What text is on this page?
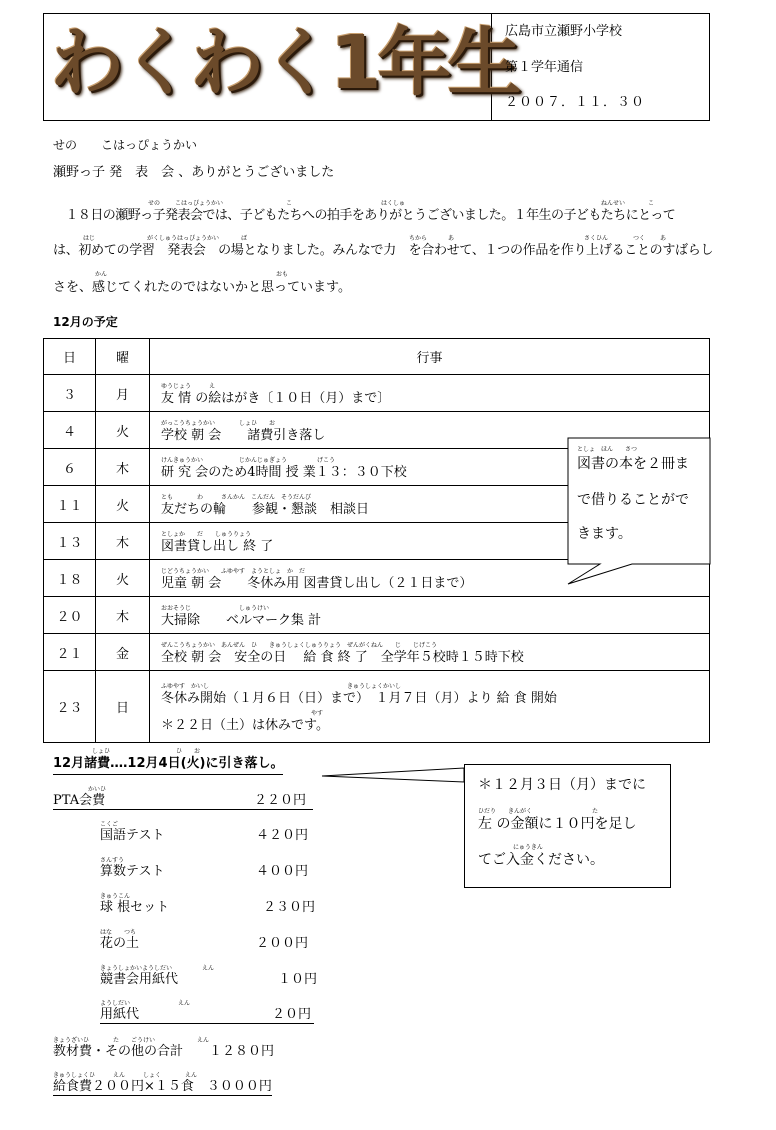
わくわく1年生
広島市立瀬野小学校
第１学年通信
２００７．１１．３０
せの　　こはっぴょうかい
瀬野っ子 発　表　会 、ありがとうございました
せの こはっぴょうかい	こ	はくしゅ	ねんせい	こ
　１８日の瀬野っ子発表会では、子どもたちへの拍手をありがとうございました。１年生の子どもたちにとって
はじ	がくしゅうはっぴょうかい	ば	ちから	あ	さくひん	つく あ
は、初めての学習　発表会　の場となりました。みんなで力　を合わせて、１つの作品を作り上げることのすばらし
かん	おも
さを、感じてくれたのではないかと思っています。
12月の予定
日	曜	行事
３	月	ゆうじょう　　　え
友 情 の絵はがき〔１０日（月）まで〕

４	火	がっこうちょうかい　　　　しょひ　　お
学校 朝 会　　諸費引き落し

６	木	けんきゅうかい　　　　　　じかんじゅぎょう　　　　　げこう
研 究 会のため4時間 授 業１３：３０下校

１１	火	とも　　　　わ　　　さんかん　こんだん　そうだんび
友だちの輪　　参観・懇談　相談日

１３	木	としょか　　だ　　しゅうりょう
図書貸し出し 終 了

１８	火	じどうちょうかい　　ふゆやす　ようとしょ　か　だ
児童 朝 会　　冬休み用 図書貸し出し（２１日まで）

２０	木	おおそうじ　　　　　　　　しゅうけい
大掃除　　ベルマーク集 計

２１	金	ぜんこうちょうかい　あんぜん　ひ　　きゅうしょくしゅうりょう　ぜんがくねん　　じ　　じげこう
全校 朝 会　安全の日　 給 食 終 了　全学年５校時１５時下校

２３	日	ふゆやす　かいし　　　　　　　　　　　　　　　　　　　　　　　きゅうしょくかいし
冬休み開始（１月６日（日）まで）　１月７日（月）より 給 食 開始
やす
＊２２日（土）は休みです。
としょ　ほん　　さつ
図書の本を２冊ま
で借りることがで
きます。
しょひ　　　　　　　　　　　ひ　　お
12月諸費‥‥12月4日(火)に引き落し。
かいひ
PTA会費	２２０円
こくご
国語テスト	４２０円
さんすう
算数テスト	４００円
きゅうこん
球 根セット	２３０円
はな　　つち
花の土	２００円
きょうしょかいようしだい　　　　　えん
競書会用紙代	１０円
ようしだい　　　　　　　　えん
用紙代	２０円
きょうざいひ　　　　た　　ごうけい　　　　　　　えん
教材費・その他の合計　　１２８０円
きゅうしょくひ　　　えん　　　しょく　　　　えん
給食費２００円×１５食　３０００円
＊１２月３日（月）までに
ひだり　　きんがく　　　　　　　　　　た
左 の金額に１０円を足し
にゅうきん
てご入金ください。
